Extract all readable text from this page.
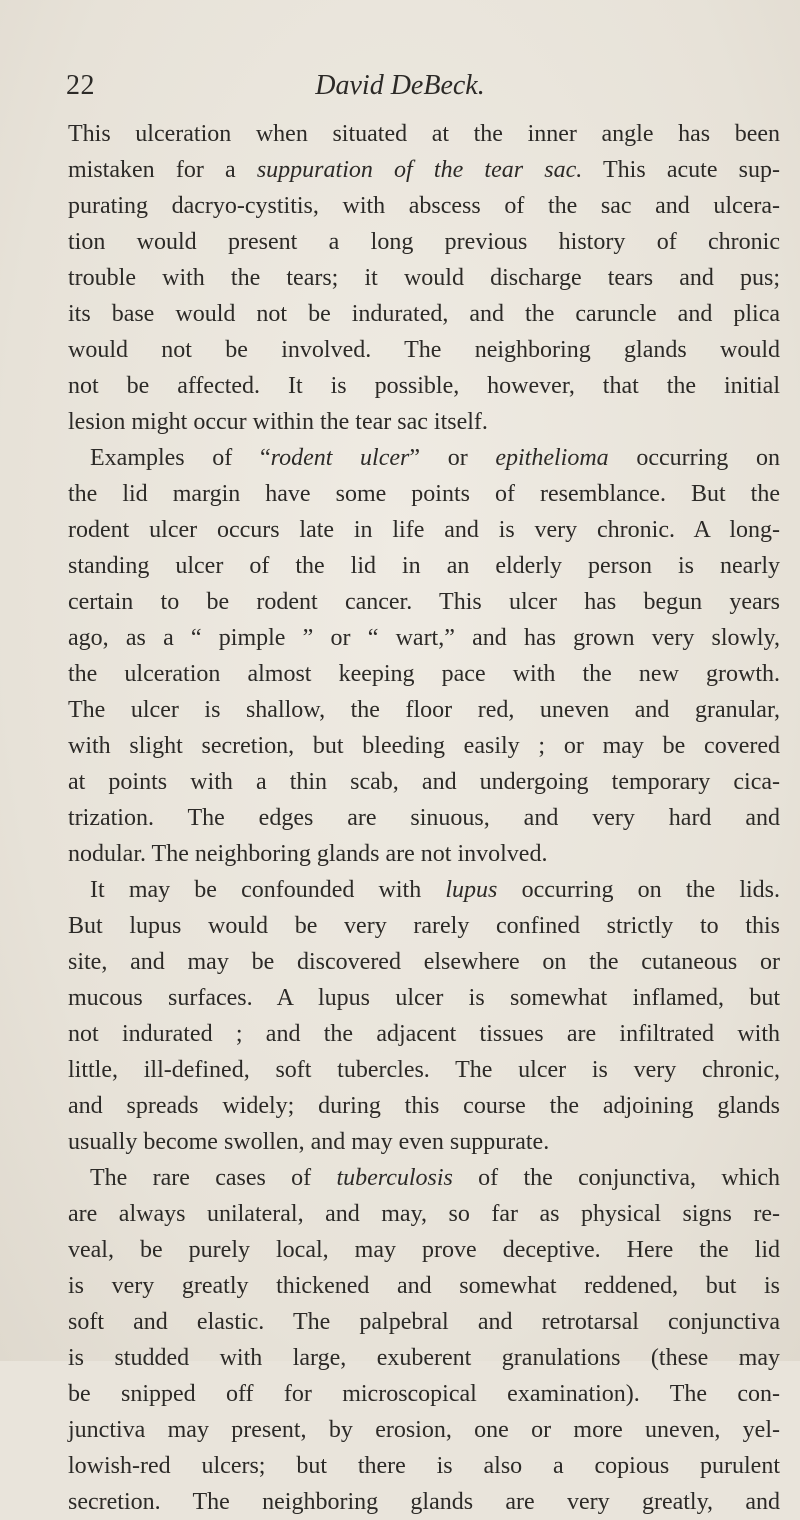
22	David DeBeck.
This ulceration when situated at the inner angle has been
mistaken for a suppuration of the tear sac. This acute sup-
purating dacryo-cystitis, with abscess of the sac and ulcera-
tion would present a long previous history of chronic
trouble with the tears; it would discharge tears and pus;
its base would not be indurated, and the caruncle and plica
would not be involved. The neighboring glands would
not be affected. It is possible, however, that the initial
lesion might occur within the tear sac itself.
Examples of “rodent ulcer” or epithelioma occurring on
the lid margin have some points of resemblance. But the
rodent ulcer occurs late in life and is very chronic. A long-
standing ulcer of the lid in an elderly person is nearly
certain to be rodent cancer. This ulcer has begun years
ago, as a “ pimple ” or “ wart,” and has grown very slowly,
the ulceration almost keeping pace with the new growth.
The ulcer is shallow, the floor red, uneven and granular,
with slight secretion, but bleeding easily ; or may be covered
at points with a thin scab, and undergoing temporary cica-
trization. The edges are sinuous, and very hard and
nodular. The neighboring glands are not involved.
It may be confounded with lupus occurring on the lids.
But lupus would be very rarely confined strictly to this
site, and may be discovered elsewhere on the cutaneous or
mucous surfaces. A lupus ulcer is somewhat inflamed, but
not indurated ; and the adjacent tissues are infiltrated with
little, ill-defined, soft tubercles. The ulcer is very chronic,
and spreads widely; during this course the adjoining glands
usually become swollen, and may even suppurate.
The rare cases of tuberculosis of the conjunctiva, which
are always unilateral, and may, so far as physical signs re-
veal, be purely local, may prove deceptive. Here the lid
is very greatly thickened and somewhat reddened, but is
soft and elastic. The palpebral and retrotarsal conjunctiva
is studded with large, exuberent granulations (these may
be snipped off for microscopical examination). The con-
junctiva may present, by erosion, one or more uneven, yel-
lowish-red ulcers; but there is also a copious purulent
secretion. The neighboring glands are very greatly, and
